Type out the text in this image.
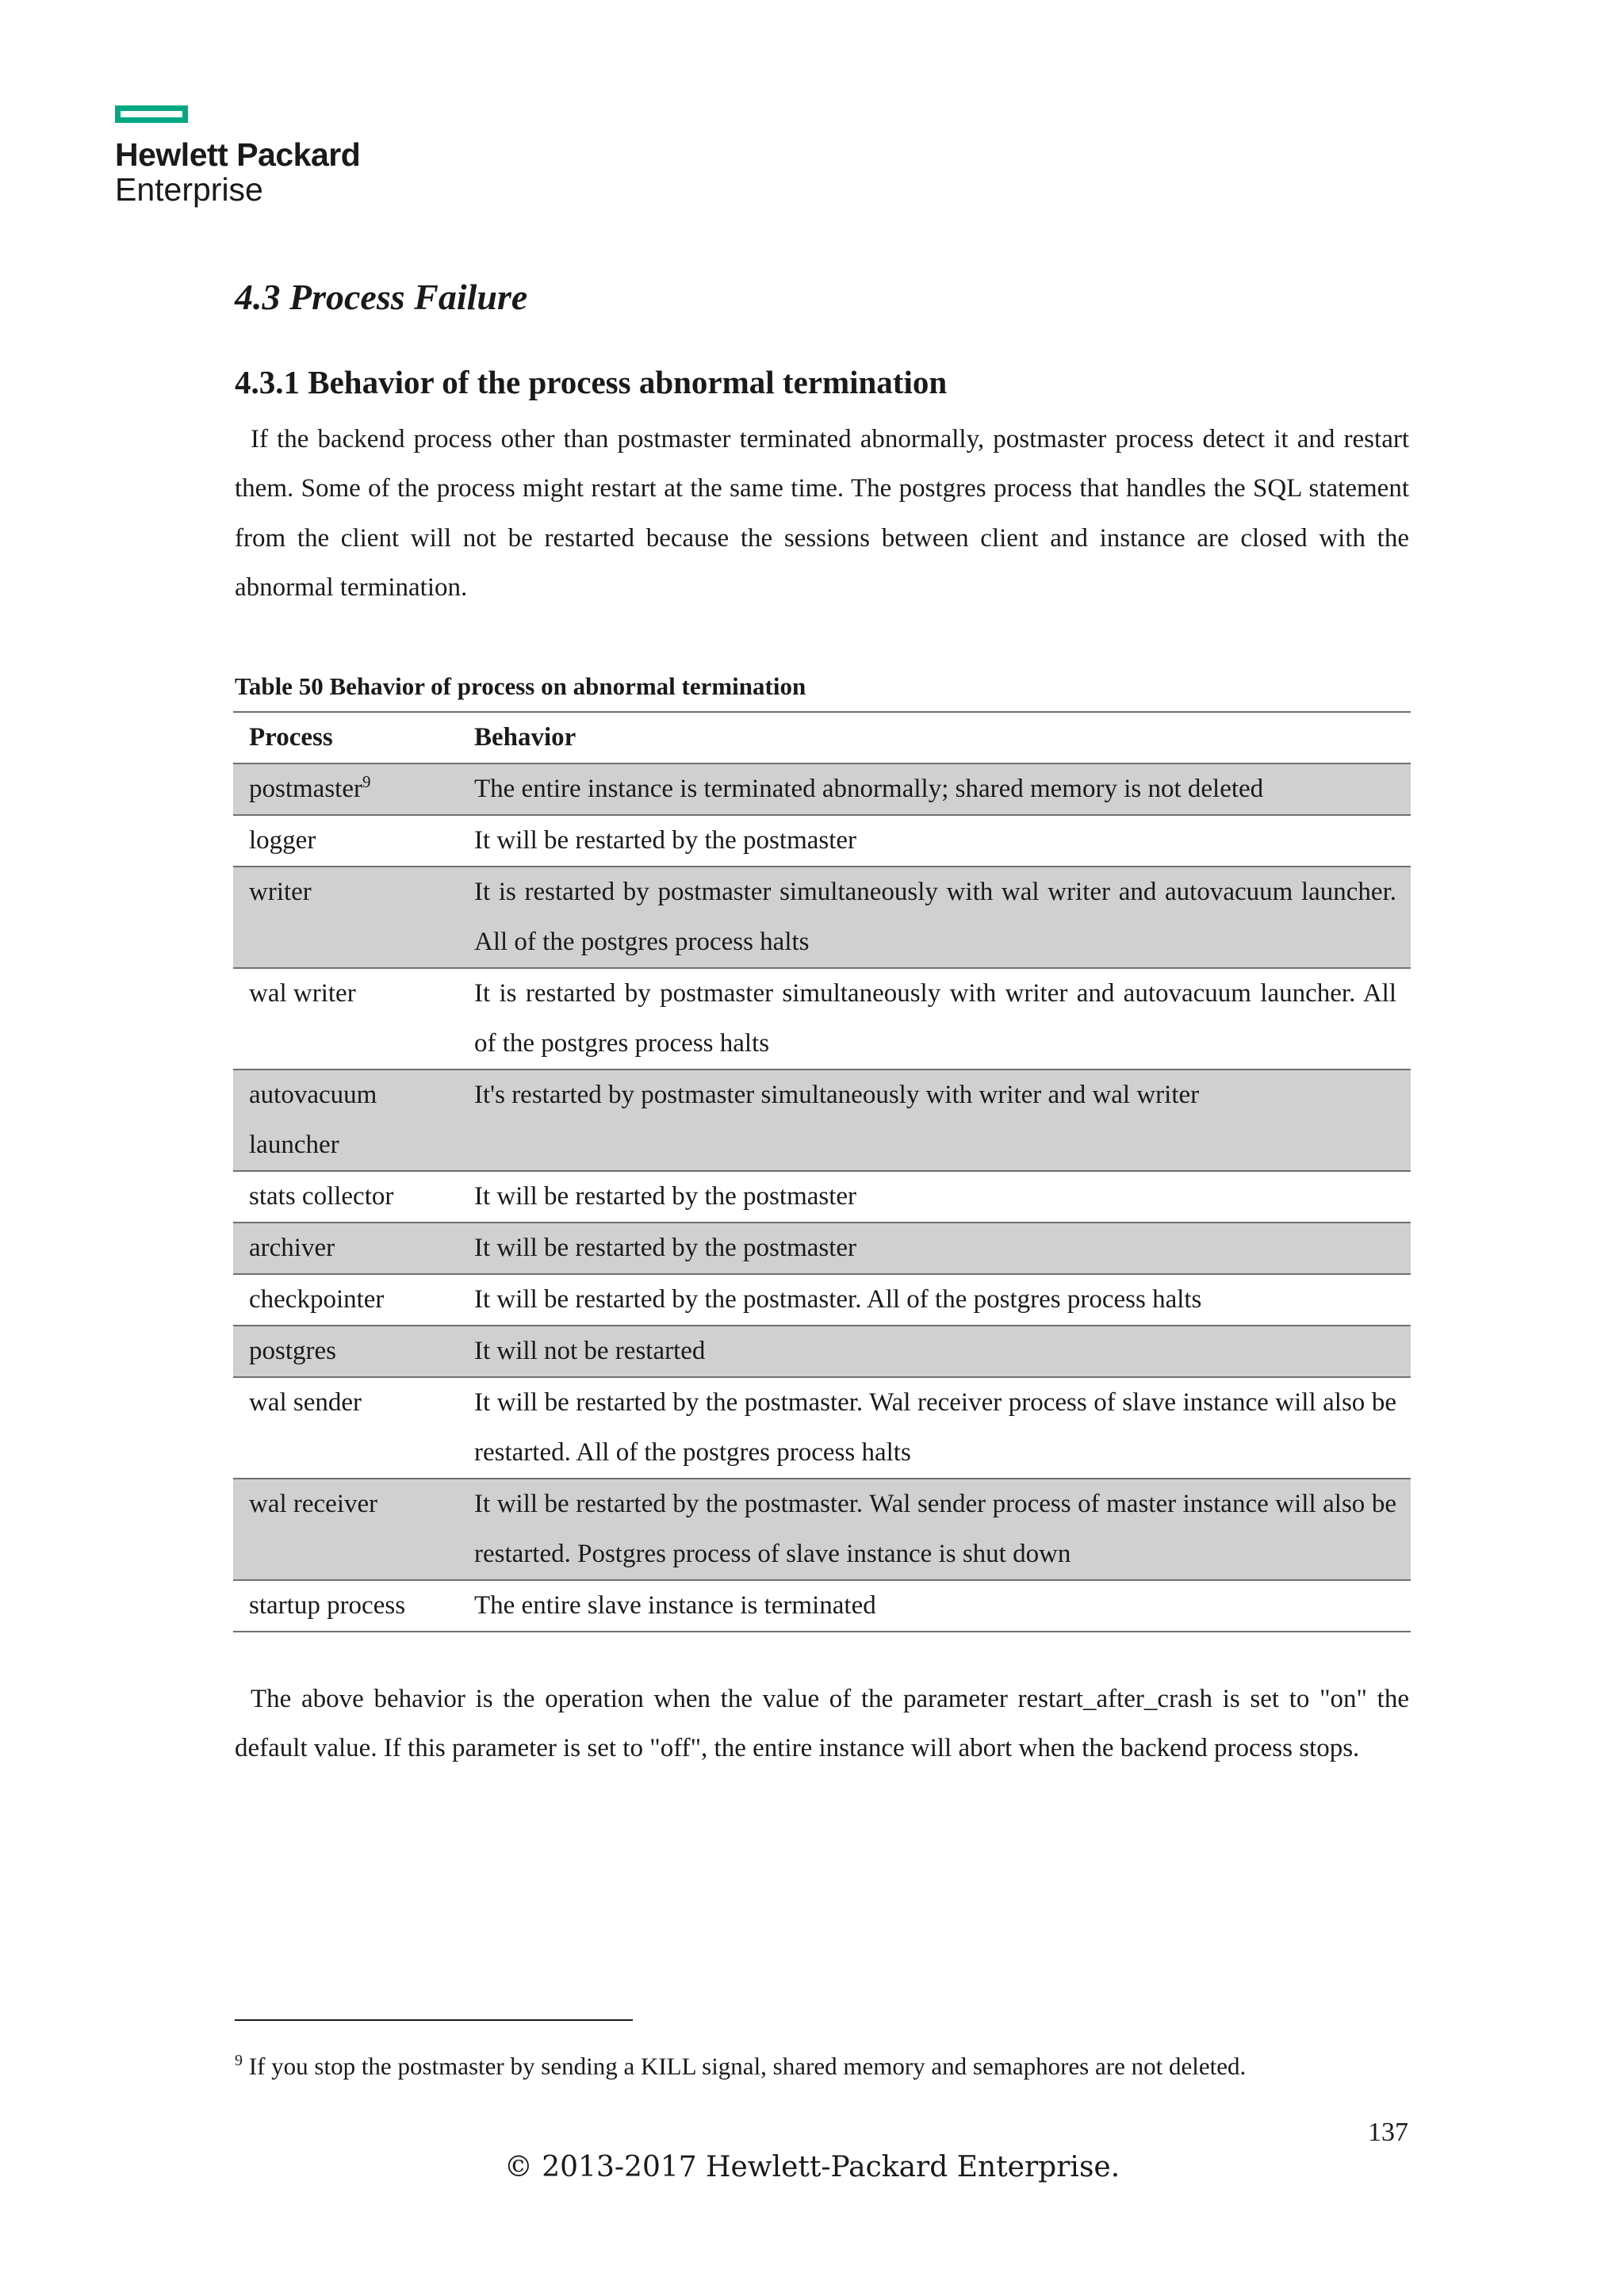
Hewlett Packard
Enterprise
4.3 Process Failure
4.3.1 Behavior of the process abnormal termination

If the backend process other than postmaster terminated abnormally, postmaster process detect it and restart them. Some of the process might restart at the same time. The postgres process that handles the SQL statement from the client will not be restarted because the sessions between client and instance are closed with the abnormal termination.

Table 50 Behavior of process on abnormal termination

Process	Behavior
postmaster$^9$	The entire instance is terminated abnormally; shared memory is not deleted
logger	It will be restarted by the postmaster
writer	It is restarted by postmaster simultaneously with wal writer and autovacuum launcher. All of the postgres process halts
wal writer	It is restarted by postmaster simultaneously with writer and autovacuum launcher. All of the postgres process halts
autovacuum launcher	It's restarted by postmaster simultaneously with writer and wal writer
stats collector	It will be restarted by the postmaster
archiver	It will be restarted by the postmaster
checkpointer	It will be restarted by the postmaster. All of the postgres process halts
postgres	It will not be restarted
wal sender	It will be restarted by the postmaster. Wal receiver process of slave instance will also be restarted. All of the postgres process halts
wal receiver	It will be restarted by the postmaster. Wal sender process of master instance will also be restarted. Postgres process of slave instance is shut down
startup process	The entire slave instance is terminated

The above behavior is the operation when the value of the parameter restart_after_crash is set to "on" the default value. If this parameter is set to "off", the entire instance will abort when the backend process stops.

$^9$ If you stop the postmaster by sending a KILL signal, shared memory and semaphores are not deleted.

137
© 2013-2017 Hewlett-Packard Enterprise.
